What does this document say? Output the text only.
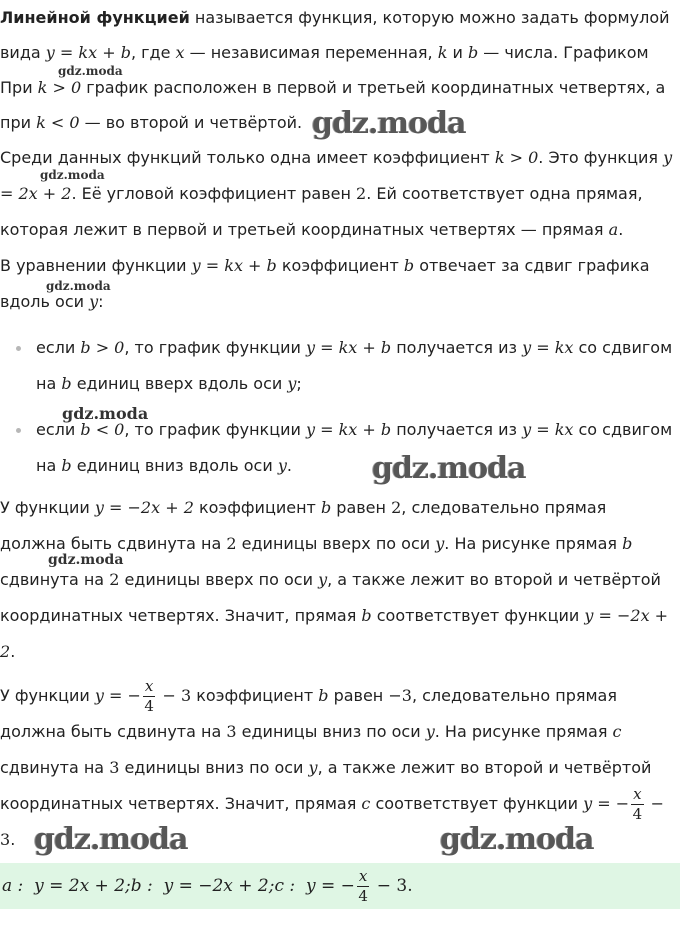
Линейной функцией называется функция, которую можно задать формулой вида y = kx + b, где x — независимая переменная, k и b — числа. Графиком При k > 0 график расположен в первой и третьей координатных четвертях, а при k < 0 — во второй и четвёртой.

Среди данных функций только одна имеет коэффициент k > 0. Это функция y = 2x + 2. Её угловой коэффициент равен 2. Ей соответствует одна прямая, которая лежит в первой и третьей координатных четвертях — прямая a.

В уравнении функции y = kx + b коэффициент b отвечает за сдвиг графика вдоль оси y:

если b > 0, то график функции y = kx + b получается из y = kx со сдвигом на b единиц вверх вдоль оси y;
если b < 0, то график функции y = kx + b получается из y = kx со сдвигом на b единиц вниз вдоль оси y.

У функции y = −2x + 2 коэффициент b равен 2, следовательно прямая должна быть сдвинута на 2 единицы вверх по оси y. На рисунке прямая b сдвинута на 2 единицы вверх по оси y, а также лежит во второй и четвёртой координатных четвертях. Значит, прямая b соответствует функции y = −2x + 2.

У функции y = − $\frac{x}{4} - 3$ коэффициент b равен −3, следовательно прямая должна быть сдвинута на 3 единицы вниз по оси y. На рисунке прямая c сдвинута на 3 единицы вниз по оси y, а также лежит во второй и четвёртой координатных четвертях. Значит, прямая c соответствует функции y = − $\frac{x}{4} - 3$.

a : y = 2x + 2;b : y = −2x + 2;c : y = − $\frac{x}{4} - 3$.
gdz.moda
gdz.moda
gdz.moda
gdz.moda
gdz.moda
gdz.moda
gdz.moda
gdz.moda	gdz.moda
